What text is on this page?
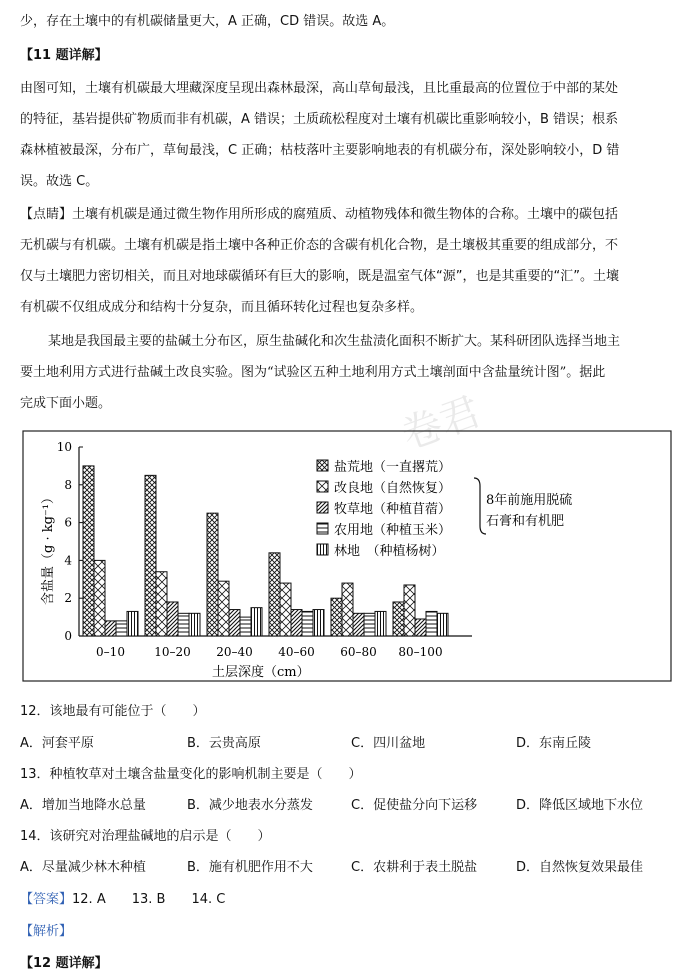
少，存在土壤中的有机碳储量更大，A 正确，CD 错误。故选 A。
【11 题详解】
由图可知，土壤有机碳最大埋藏深度呈现出森林最深，高山草甸最浅，且比重最高的位置位于中部的某处
的特征，基岩提供矿物质而非有机碳，A 错误；土质疏松程度对土壤有机碳比重影响较小，B 错误；根系
森林植被最深，分布广，草甸最浅，C 正确；枯枝落叶主要影响地表的有机碳分布，深处影响较小，D 错
误。故选 C。
【点睛】土壤有机碳是通过微生物作用所形成的腐殖质、动植物残体和微生物体的合称。土壤中的碳包括
无机碳与有机碳。土壤有机碳是指土壤中各种正价态的含碳有机化合物，是土壤极其重要的组成部分，不
仅与土壤肥力密切相关，而且对地球碳循环有巨大的影响，既是温室气体“源”，也是其重要的“汇”。土壤
有机碳不仅组成成分和结构十分复杂，而且循环转化过程也复杂多样。
某地是我国最主要的盐碱土分布区，原生盐碱化和次生盐渍化面积不断扩大。某科研团队选择当地主
要土地利用方式进行盐碱土改良实验。图为“试验区五种土地利用方式土壤剖面中含盐量统计图”。据此
完成下面小题。	卷君
0
2
4
6
8
10
0–10 10–20 20–40 40–60 60–80 80–100
土层深度（cm）
含盐量（g · kg⁻¹）
盐荒地（一直撂荒）
改良地（自然恢复）
牧草地（种植苜蓿）
农用地（种植玉米）
林地　（种植杨树）
8年前施用脱硫
石膏和有机肥
12．该地最有可能位于（　　）
A．河套平原	B．云贵高原	C．四川盆地	D．东南丘陵
13．种植牧草对土壤含盐量变化的影响机制主要是（　　）
A．增加当地降水总量	B．减少地表水分蒸发	C．促使盐分向下运移	D．降低区域地下水位
14．该研究对治理盐碱地的启示是（　　）
A．尽量减少林木种植	B．施有机肥作用不大	C．农耕利于表土脱盐	D．自然恢复效果最佳
【答案】12. A　　13. B　　14. C
【解析】
【12 题详解】
